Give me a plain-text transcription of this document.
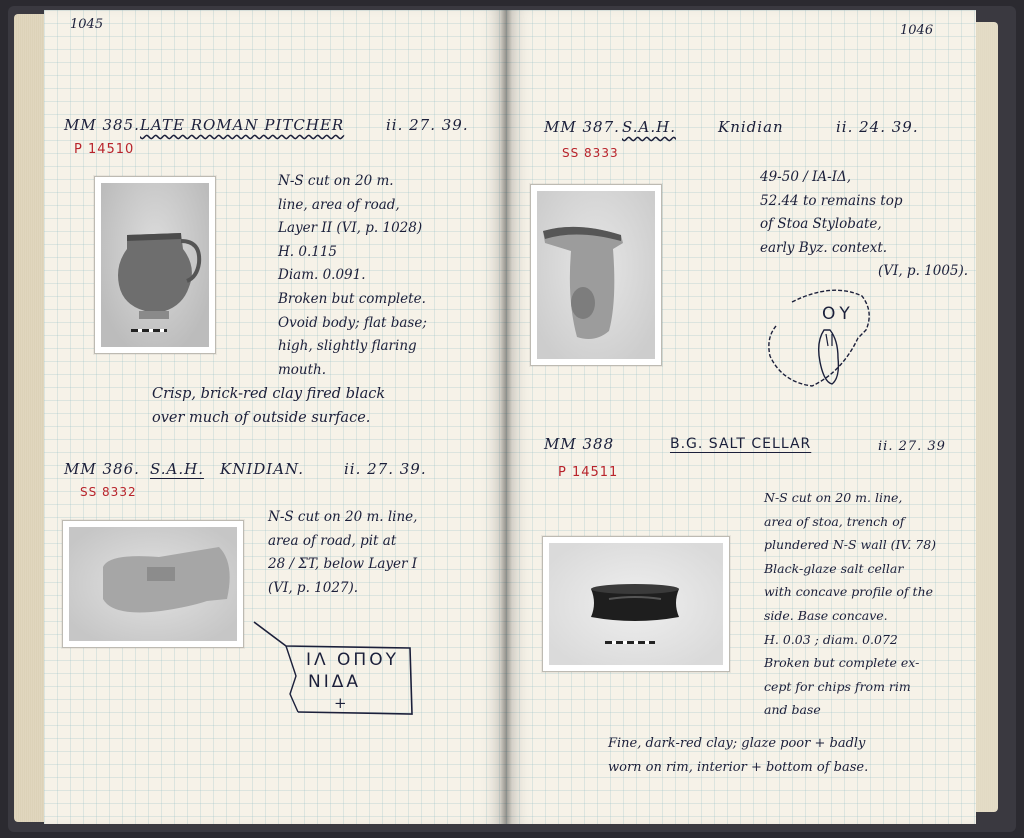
1045
MM 385. LATE ROMAN PITCHER	ii. 27. 39.
P 14510
N-S cut on 20 m.
line, area of road,
Layer II (VI, p. 1028)
H. 0.115
Diam. 0.091.
Broken but complete.
Ovoid body; flat base;
high, slightly flaring
mouth.
Crisp, brick-red clay fired black
over much of outside surface.
MM 386. S.A.H. KNIDIAN.	ii. 27. 39.
SS 8332
N-S cut on 20 m. line,
area of road, pit at
28 / ΣT, below Layer I
(VI, p. 1027).
ΙΛ ΟΠΟΥ
ΝΙΔΑ
+
1046
MM 387. S.A.H.	Knidian	ii. 24. 39.
SS 8333
49-50 / ΙΑ-ΙΔ,
52.44 to remains top
of Stoa Stylobate,
early Byz. context.
(VI, p. 1005).
ΟΥ
MM 388	B.G. SALT CELLAR	ii. 27. 39
P 14511
N-S cut on 20 m. line,
area of stoa, trench of
plundered N-S wall (IV. 78)
Black-glaze salt cellar
with concave profile of the
side. Base concave.
H. 0.03 ; diam. 0.072
Broken but complete ex-
cept for chips from rim
and base
Fine, dark-red clay; glaze poor + badly
worn on rim, interior + bottom of base.
